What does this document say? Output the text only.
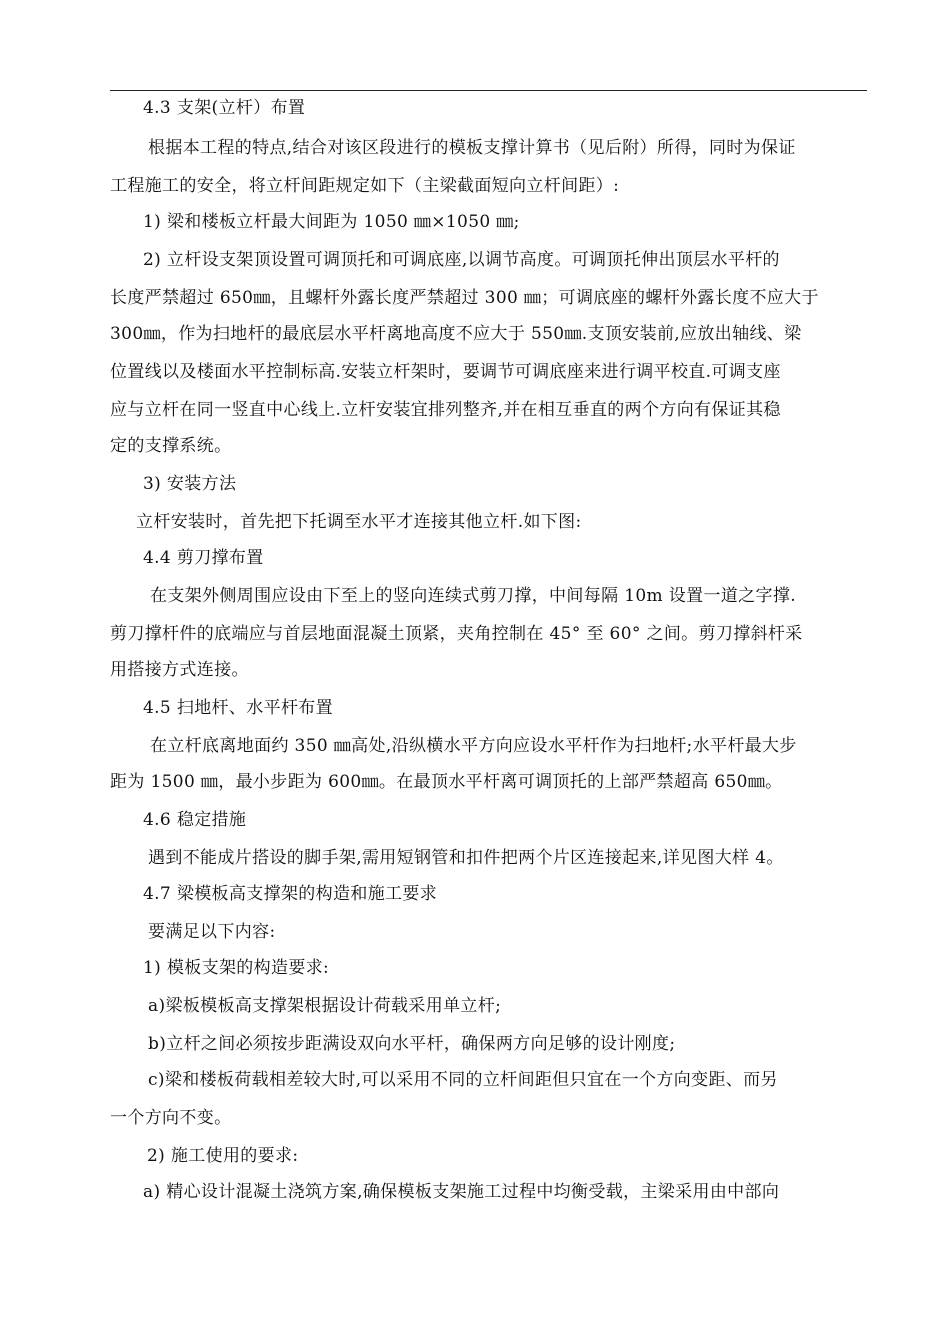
4.3 支架(立杆）布置
根据本工程的特点,结合对该区段进行的模板支撑计算书（见后附）所得，同时为保证
工程施工的安全，将立杆间距规定如下（主梁截面短向立杆间距）:
1) 梁和楼板立杆最大间距为 1050 ㎜×1050 ㎜;
2) 立杆设支架顶设置可调顶托和可调底座,以调节高度。可调顶托伸出顶层水平杆的
长度严禁超过 650㎜，且螺杆外露长度严禁超过 300 ㎜；可调底座的螺杆外露长度不应大于
300㎜，作为扫地杆的最底层水平杆离地高度不应大于 550㎜.支顶安装前,应放出轴线、梁
位置线以及楼面水平控制标高.安装立杆架时，要调节可调底座来进行调平校直.可调支座
应与立杆在同一竖直中心线上.立杆安装宜排列整齐,并在相互垂直的两个方向有保证其稳
定的支撑系统。
3) 安装方法
立杆安装时，首先把下托调至水平才连接其他立杆.如下图:
4.4 剪刀撑布置
在支架外侧周围应设由下至上的竖向连续式剪刀撑，中间每隔 10m 设置一道之字撑.
剪刀撑杆件的底端应与首层地面混凝土顶紧，夹角控制在 45° 至 60° 之间。剪刀撑斜杆采
用搭接方式连接。
4.5 扫地杆、水平杆布置
在立杆底离地面约 350 ㎜高处,沿纵横水平方向应设水平杆作为扫地杆;水平杆最大步
距为 1500 ㎜，最小步距为 600㎜。在最顶水平杆离可调顶托的上部严禁超高 650㎜。
4.6 稳定措施
遇到不能成片搭设的脚手架,需用短钢管和扣件把两个片区连接起来,详见图大样 4。
4.7 梁模板高支撑架的构造和施工要求
要满足以下内容:
1) 模板支架的构造要求:
a)梁板模板高支撑架根据设计荷载采用单立杆;
b)立杆之间必须按步距满设双向水平杆，确保两方向足够的设计刚度;
c)梁和楼板荷载相差较大时,可以采用不同的立杆间距但只宜在一个方向变距、而另
一个方向不变。
2) 施工使用的要求:
a) 精心设计混凝土浇筑方案,确保模板支架施工过程中均衡受载，主梁采用由中部向
